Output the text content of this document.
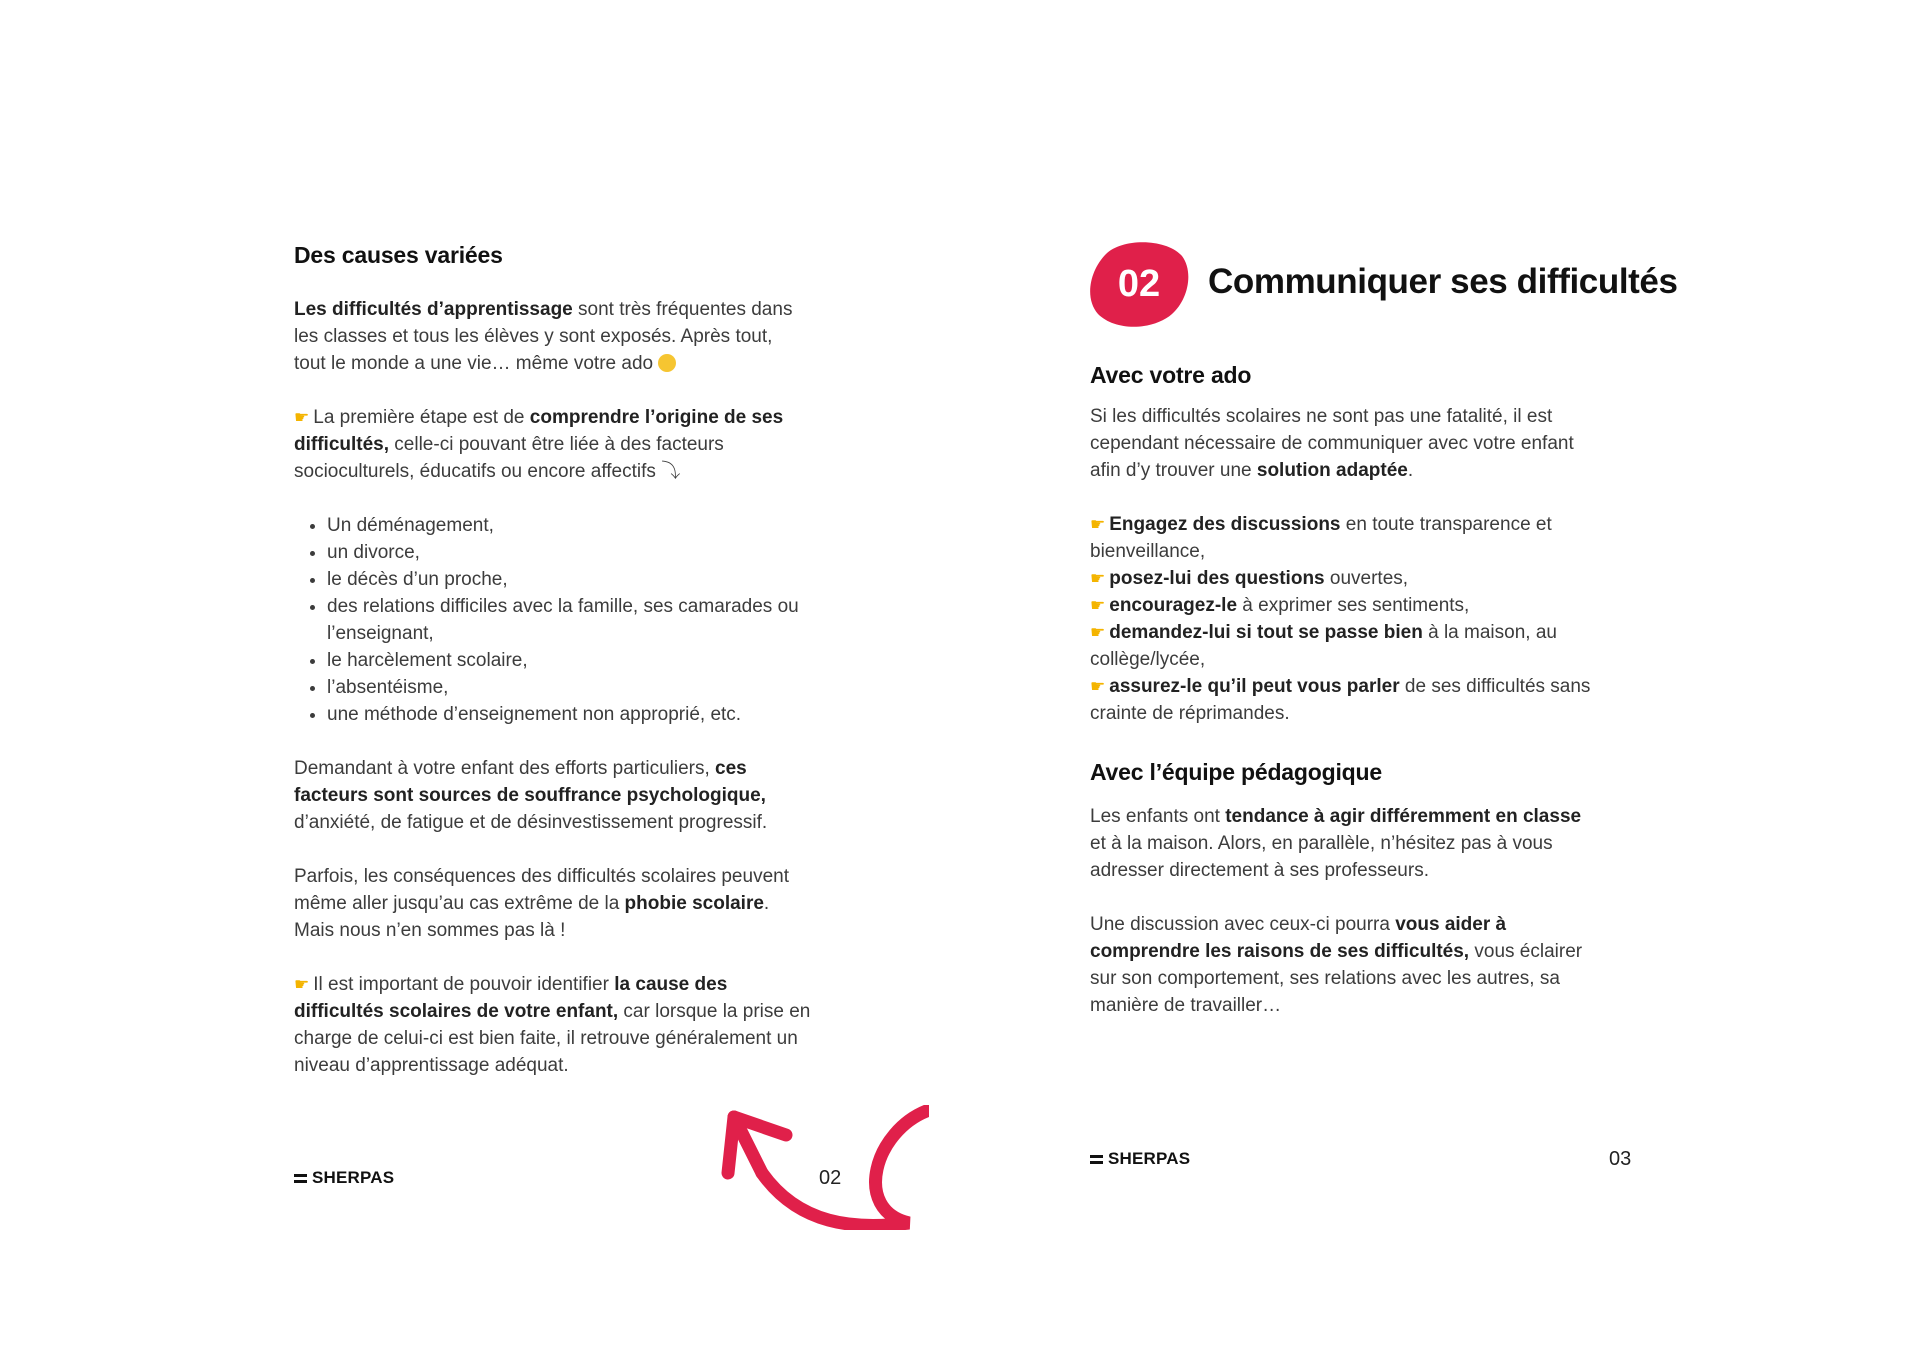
Des causes variées

Les difficultés d’apprentissage sont très fréquentes dans

les classes et tous les élèves y sont exposés. Après tout,

tout le monde a une vie… même votre ado

☛ La première étape est de comprendre l’origine de ses

difficultés, celle-ci pouvant être liée à des facteurs

socioculturels, éducatifs ou encore affectifs ⤵

• Un déménagement,
• un divorce,
• le décès d’un proche,
• des relations difficiles avec la famille, ses camarades ou l’enseignant,
• le harcèlement scolaire,
• l’absentéisme,
• une méthode d’enseignement non approprié, etc.

Demandant à votre enfant des efforts particuliers, ces

facteurs sont sources de souffrance psychologique,

d’anxiété, de fatigue et de désinvestissement progressif.

Parfois, les conséquences des difficultés scolaires peuvent

même aller jusqu’au cas extrême de la phobie scolaire.

Mais nous n’en sommes pas là !

☛ Il est important de pouvoir identifier la cause des

difficultés scolaires de votre enfant, car lorsque la prise en

charge de celui-ci est bien faite, il retrouve généralement un

niveau d’apprentissage adéquat.

SHERPAS	02
02	Communiquer ses difficultés
Avec votre ado

Si les difficultés scolaires ne sont pas une fatalité, il est

cependant nécessaire de communiquer avec votre enfant

afin d’y trouver une solution adaptée.

☛ Engagez des discussions en toute transparence et

bienveillance,

☛ posez-lui des questions ouvertes,

☛ encouragez-le à exprimer ses sentiments,

☛ demandez-lui si tout se passe bien à la maison, au

collège/lycée,

☛ assurez-le qu’il peut vous parler de ses difficultés sans

crainte de réprimandes.

Avec l’équipe pédagogique

Les enfants ont tendance à agir différemment en classe

et à la maison. Alors, en parallèle, n’hésitez pas à vous

adresser directement à ses professeurs.

Une discussion avec ceux-ci pourra vous aider à

comprendre les raisons de ses difficultés, vous éclairer

sur son comportement, ses relations avec les autres, sa

manière de travailler…

SHERPAS	03
